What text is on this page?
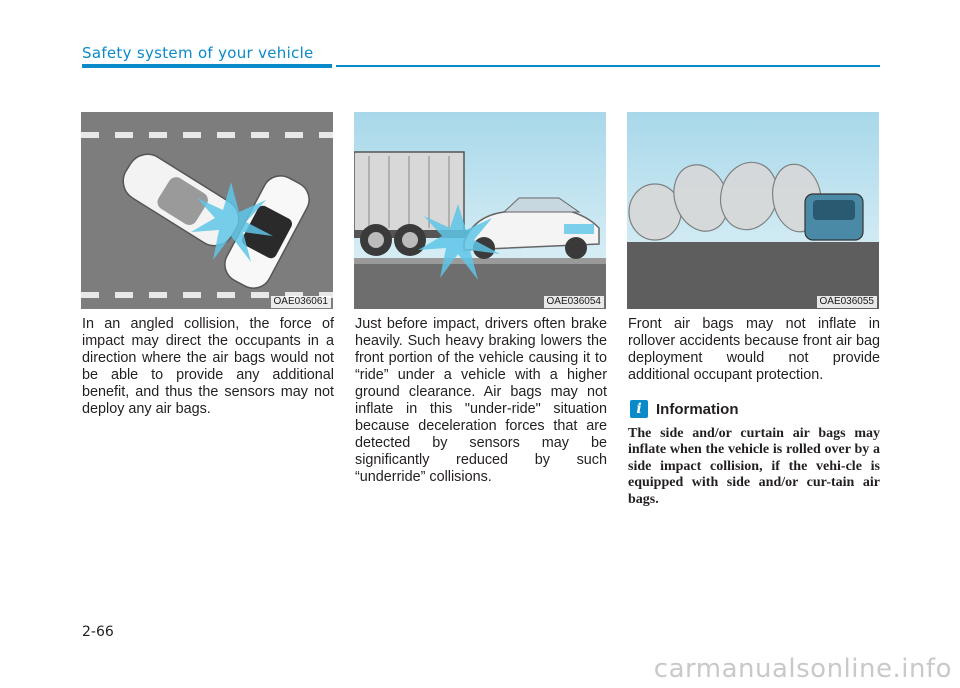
Safety system of your vehicle
OAE036061	OAE036054	OAE036055
In an angled collision, the force of impact may direct the occupants in a direction where the air bags would not be able to provide any additional benefit, and thus the sensors may not deploy any air bags.
Just before impact, drivers often brake heavily. Such heavy braking lowers the front portion of the vehicle causing it to “ride” under a vehicle with a higher ground clearance. Air bags may not inflate in this "under-ride" situation because deceleration forces that are detected by sensors may be significantly reduced by such “underride” collisions.
Front air bags may not inflate in rollover accidents because front air bag deployment would not provide additional occupant protection.
i Information
The side and/or curtain air bags may inflate when the vehicle is rolled over by a side impact collision, if the vehi-cle is equipped with side and/or cur-tain air bags.
2-66
carmanualsonline.info
